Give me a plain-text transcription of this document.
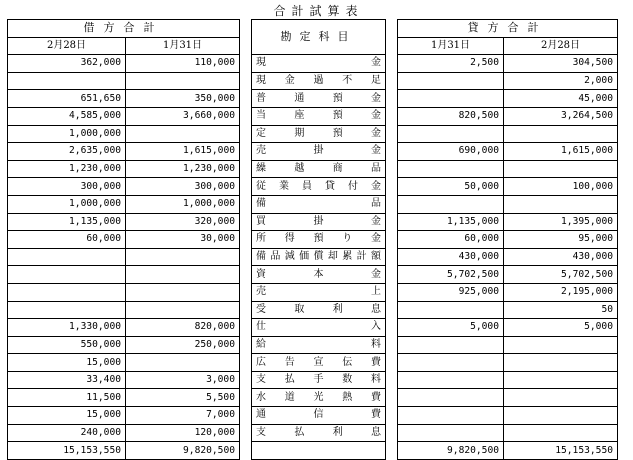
合計試算表
借方合計			勘定科目		貸方合計	
2月28日	1月31日				1月31日	2月28日
362,000	110,000		現金		2,500	304,500
			現金過不足			2,000
651,650	350,000		普通預金			45,000
4,585,000	3,660,000		当座預金		820,500	3,264,500
1,000,000			定期預金			
2,635,000	1,615,000		売掛金		690,000	1,615,000
1,230,000	1,230,000		繰越商品			
300,000	300,000		従業員貸付金		50,000	100,000
1,000,000	1,000,000		備品			
1,135,000	320,000		買掛金		1,135,000	1,395,000
60,000	30,000		所得預り金		60,000	95,000
			備品減価償却累計額		430,000	430,000
			資本金		5,702,500	5,702,500
			売上		925,000	2,195,000
			受取利息			50
1,330,000	820,000		仕入		5,000	5,000
550,000	250,000		給料			
15,000			広告宣伝費			
33,400	3,000		支払手数料			
11,500	5,500		水道光熱費			
15,000	7,000		通信費			
240,000	120,000		支払利息			
15,153,550	9,820,500				9,820,500	15,153,550
